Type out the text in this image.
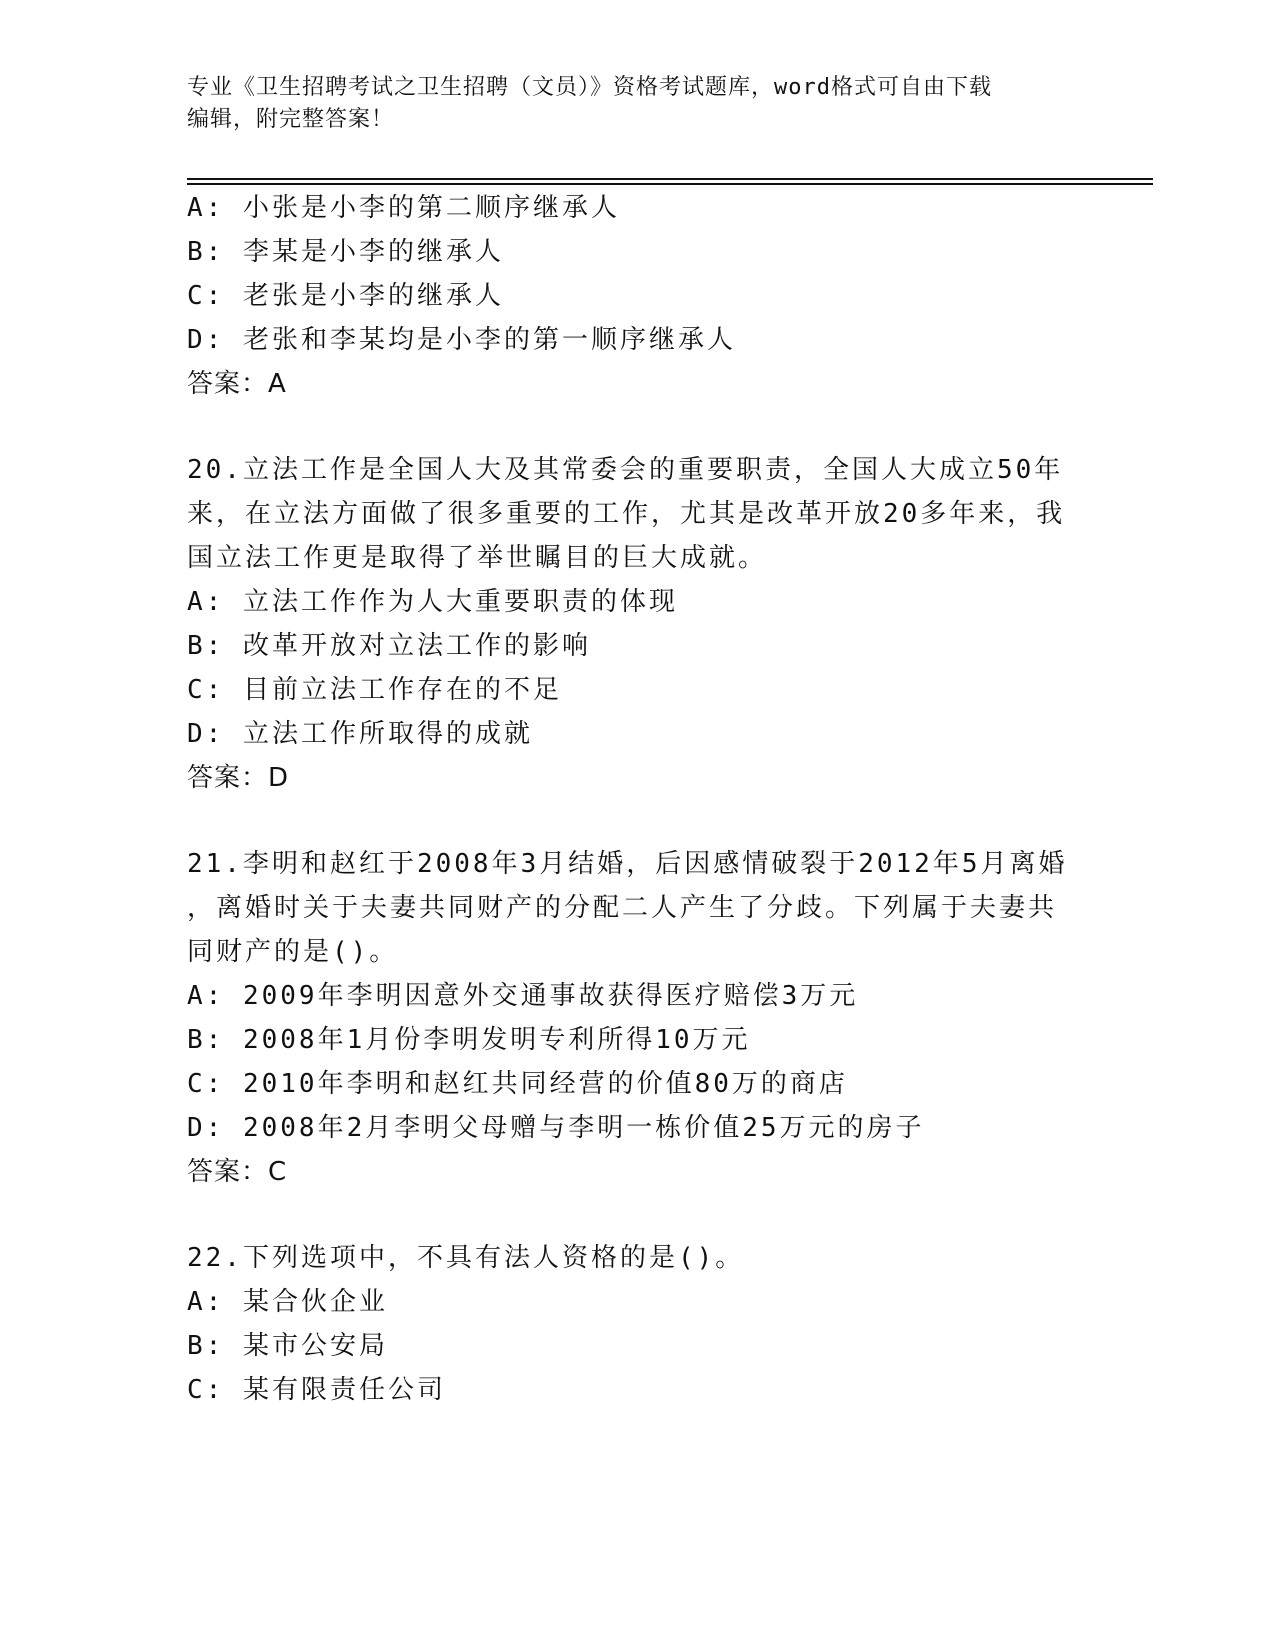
专业《卫生招聘考试之卫生招聘（文员）》资格考试题库，word格式可自由下载
编辑，附完整答案！
A: 小张是小李的第二顺序继承人
B: 李某是小李的继承人
C: 老张是小李的继承人
D: 老张和李某均是小李的第一顺序继承人
答案：A
20.立法工作是全国人大及其常委会的重要职责，全国人大成立50年
来，在立法方面做了很多重要的工作，尤其是改革开放20多年来，我
国立法工作更是取得了举世瞩目的巨大成就。
A: 立法工作作为人大重要职责的体现
B: 改革开放对立法工作的影响
C: 目前立法工作存在的不足
D: 立法工作所取得的成就
答案：D
21.李明和赵红于2008年3月结婚，后因感情破裂于2012年5月离婚
，离婚时关于夫妻共同财产的分配二人产生了分歧。下列属于夫妻共
同财产的是()。
A: 2009年李明因意外交通事故获得医疗赔偿3万元
B: 2008年1月份李明发明专利所得10万元
C: 2010年李明和赵红共同经营的价值80万的商店
D: 2008年2月李明父母赠与李明一栋价值25万元的房子
答案：C
22.下列选项中，不具有法人资格的是()。
A: 某合伙企业
B: 某市公安局
C: 某有限责任公司
